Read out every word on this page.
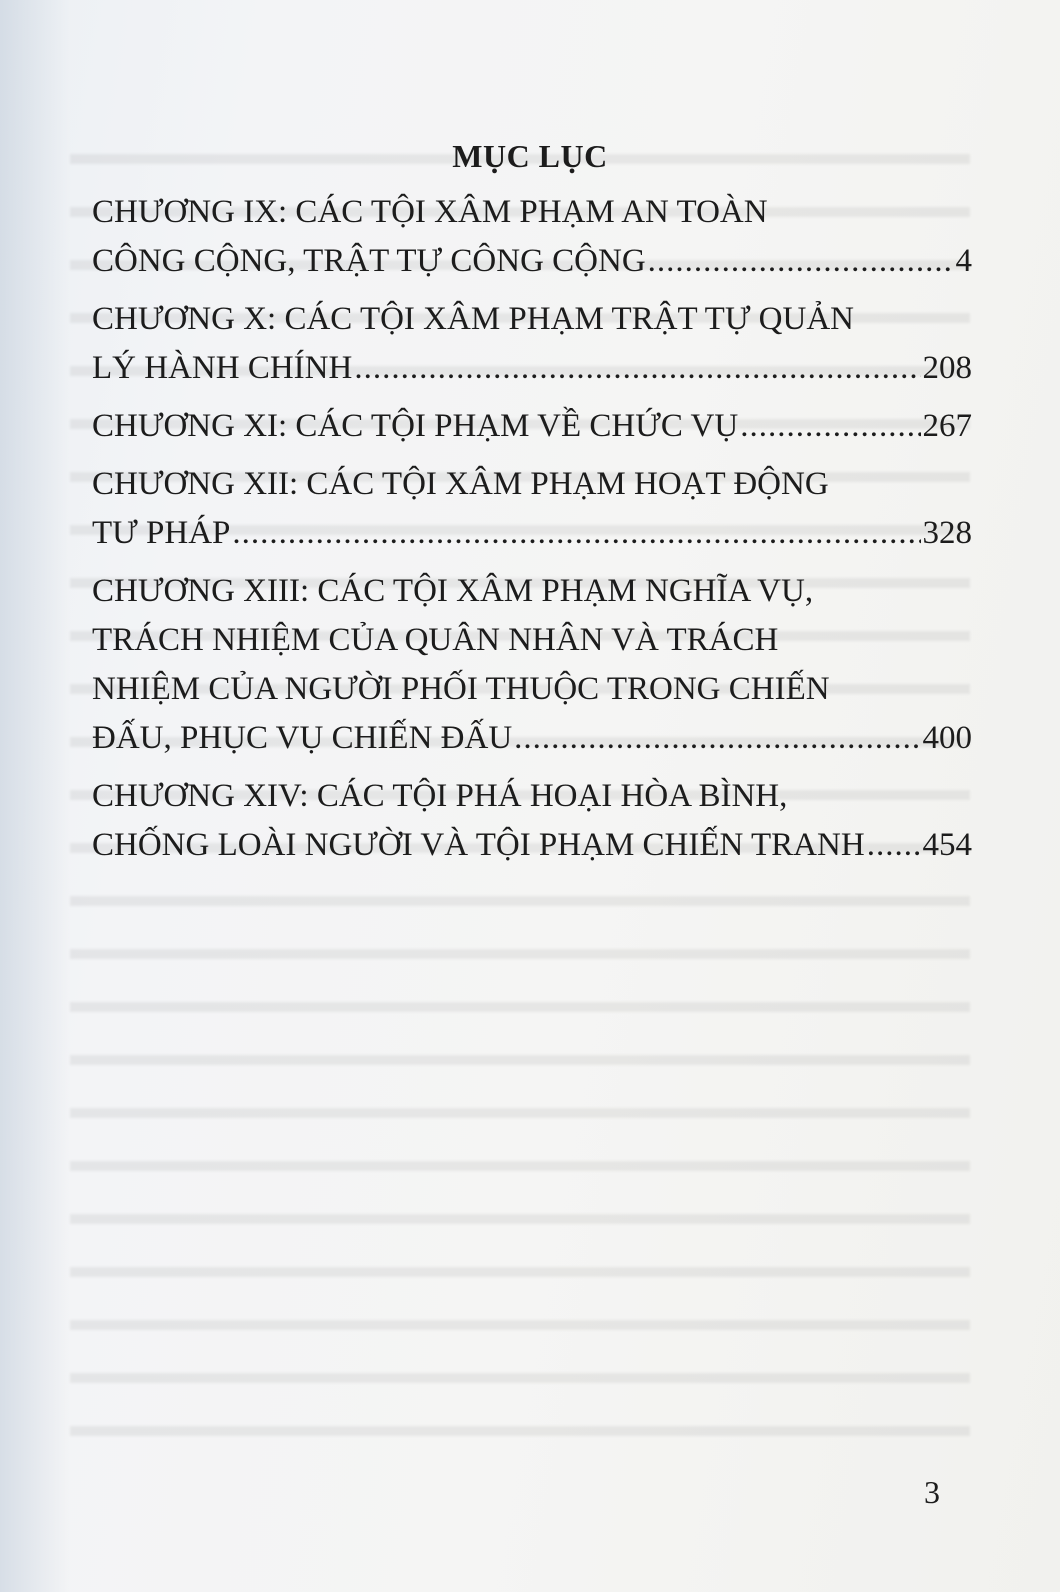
MỤC LỤC
CHƯƠNG IX: CÁC TỘI XÂM PHẠM AN TOÀN
CÔNG CỘNG, TRẬT TỰ CÔNG CỘNG .....	4
CHƯƠNG X: CÁC TỘI XÂM PHẠM TRẬT TỰ QUẢN
LÝ HÀNH CHÍNH .....	208
CHƯƠNG XI: CÁC TỘI PHẠM VỀ CHỨC VỤ .....	267
CHƯƠNG XII: CÁC TỘI XÂM PHẠM HOẠT ĐỘNG
TƯ PHÁP .....	328
CHƯƠNG XIII: CÁC TỘI XÂM PHẠM NGHĨA VỤ,
TRÁCH NHIỆM CỦA QUÂN NHÂN VÀ TRÁCH
NHIỆM CỦA NGƯỜI PHỐI THUỘC TRONG CHIẾN
ĐẤU, PHỤC VỤ CHIẾN ĐẤU .....	400
CHƯƠNG XIV: CÁC TỘI PHÁ HOẠI HÒA BÌNH,
CHỐNG LOÀI NGƯỜI VÀ TỘI PHẠM CHIẾN TRANH ..... 454
3
